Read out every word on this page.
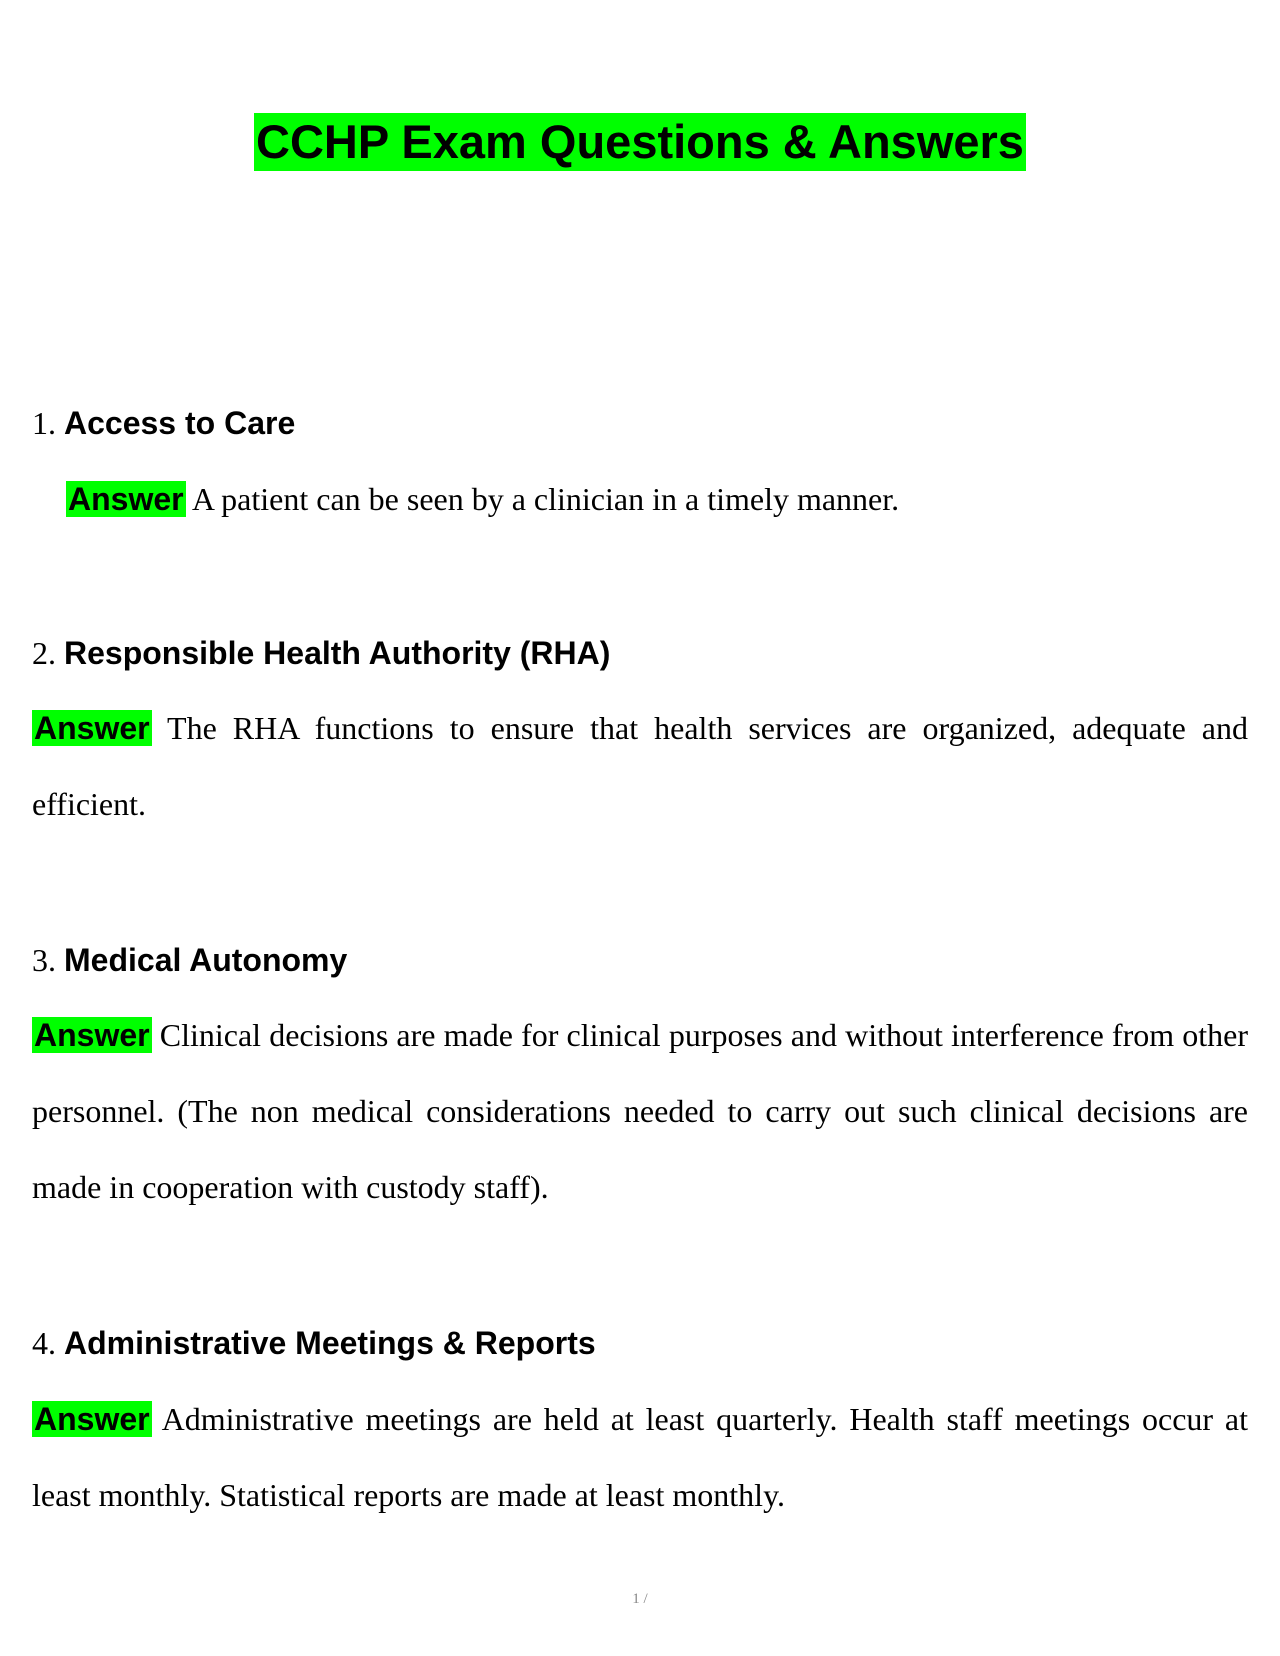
CCHP Exam Questions & Answers
1. Access to Care
Answer A patient can be seen by a clinician in a timely manner.
2. Responsible Health Authority (RHA)
Answer The RHA functions to ensure that health services are organized, adequate and efficient.
3. Medical Autonomy
Answer Clinical decisions are made for clinical purposes and without interference from other personnel. (The non medical considerations needed to carry out such clinical decisions are made in cooperation with custody staff).
4. Administrative Meetings & Reports
Answer Administrative meetings are held at least quarterly. Health staff meetings occur at least monthly. Statistical reports are made at least monthly.
1 /
